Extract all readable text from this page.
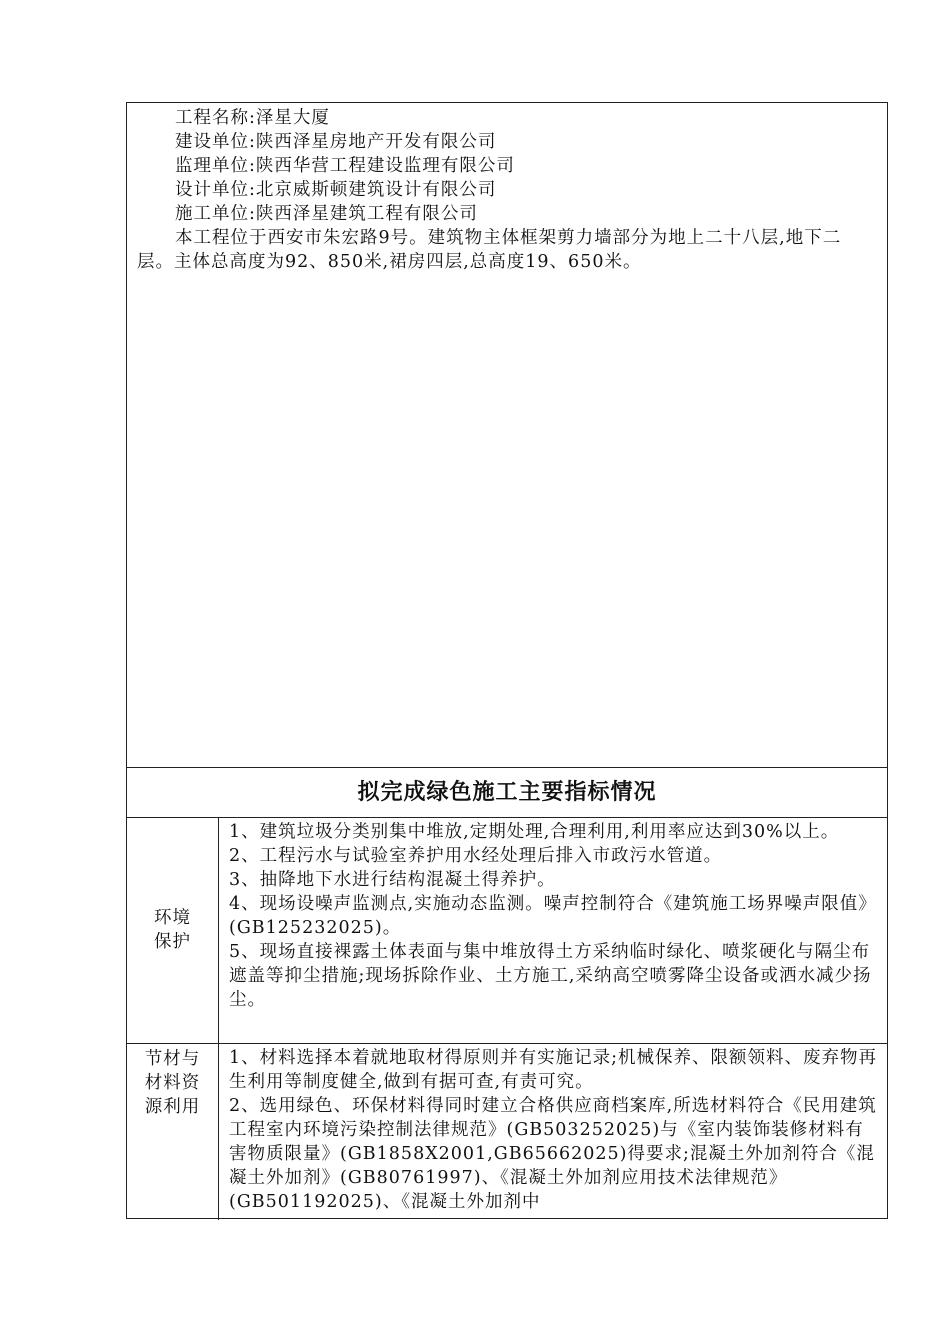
工程名称:泽星大厦
建设单位:陕西泽星房地产开发有限公司
监理单位:陕西华营工程建设监理有限公司
设计单位:北京威斯顿建筑设计有限公司
施工单位:陕西泽星建筑工程有限公司
本工程位于西安市朱宏路9号。建筑物主体框架剪力墙部分为地上二十八层,地下二层。主体总高度为92、850米,裙房四层,总高度19、650米。
拟完成绿色施工主要指标情况
环境
保护

1、建筑垃圾分类别集中堆放,定期处理,合理利用,利用率应达到30%以上。

2、工程污水与试验室养护用水经处理后排入市政污水管道。

3、抽降地下水进行结构混凝土得养护。

4、现场设噪声监测点,实施动态监测。噪声控制符合《建筑施工场界噪声限值》(GB125232025)。

5、现场直接裸露土体表面与集中堆放得土方采纳临时绿化、喷浆硬化与隔尘布遮盖等抑尘措施;现场拆除作业、土方施工,采纳高空喷雾降尘设备或洒水减少扬尘。

节材与
材料资
源利用

1、材料选择本着就地取材得原则并有实施记录;机械保养、限额领料、废弃物再生利用等制度健全,做到有据可查,有责可究。

2、选用绿色、环保材料得同时建立合格供应商档案库,所选材料符合《民用建筑工程室内环境污染控制法律规范》(GB503252025)与《室内装饰装修材料有害物质限量》(GB1858X2001,GB65662025)得要求;混凝土外加剂符合《混凝土外加剂》(GB80761997)、《混凝土外加剂应用技术法律规范》(GB501192025)、《混凝土外加剂中
